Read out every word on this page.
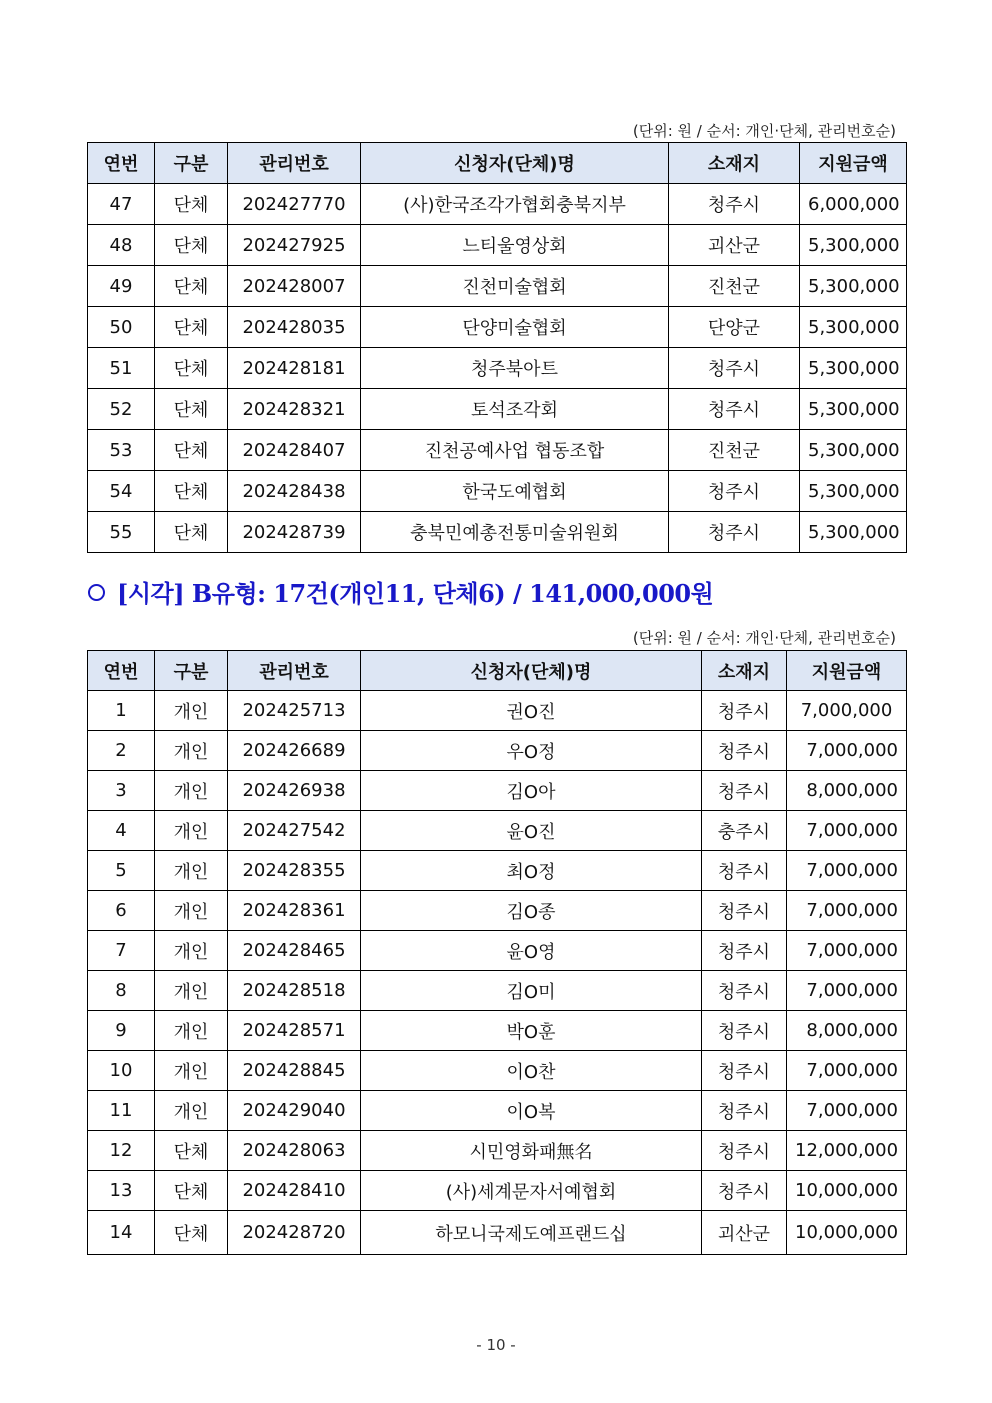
(단위: 원 / 순서: 개인·단체, 관리번호순)
연번	구분	관리번호	신청자(단체)명	소재지	지원금액
47	단체	202427770	(사)한국조각가협회충북지부	청주시	6,000,000
48	단체	202427925	느티울영상회	괴산군	5,300,000
49	단체	202428007	진천미술협회	진천군	5,300,000
50	단체	202428035	단양미술협회	단양군	5,300,000
51	단체	202428181	청주북아트	청주시	5,300,000
52	단체	202428321	토석조각회	청주시	5,300,000
53	단체	202428407	진천공예사업 협동조합	진천군	5,300,000
54	단체	202428438	한국도예협회	청주시	5,300,000
55	단체	202428739	충북민예총전통미술위원회	청주시	5,300,000
[시각] B유형: 17건(개인11, 단체6) / 141,000,000원
(단위: 원 / 순서: 개인·단체, 관리번호순)
연번	구분	관리번호	신청자(단체)명	소재지	지원금액
1	개인	202425713	권O진	청주시	7,000,000
2	개인	202426689	우O정	청주시	7,000,000
3	개인	202426938	김O아	청주시	8,000,000
4	개인	202427542	윤O진	충주시	7,000,000
5	개인	202428355	최O정	청주시	7,000,000
6	개인	202428361	김O종	청주시	7,000,000
7	개인	202428465	윤O영	청주시	7,000,000
8	개인	202428518	김O미	청주시	7,000,000
9	개인	202428571	박O훈	청주시	8,000,000
10	개인	202428845	이O찬	청주시	7,000,000
11	개인	202429040	이O복	청주시	7,000,000
12	단체	202428063	시민영화패無名	청주시	12,000,000
13	단체	202428410	(사)세계문자서예협회	청주시	10,000,000
14	단체	202428720	하모니국제도예프랜드십	괴산군	10,000,000
- 10 -
